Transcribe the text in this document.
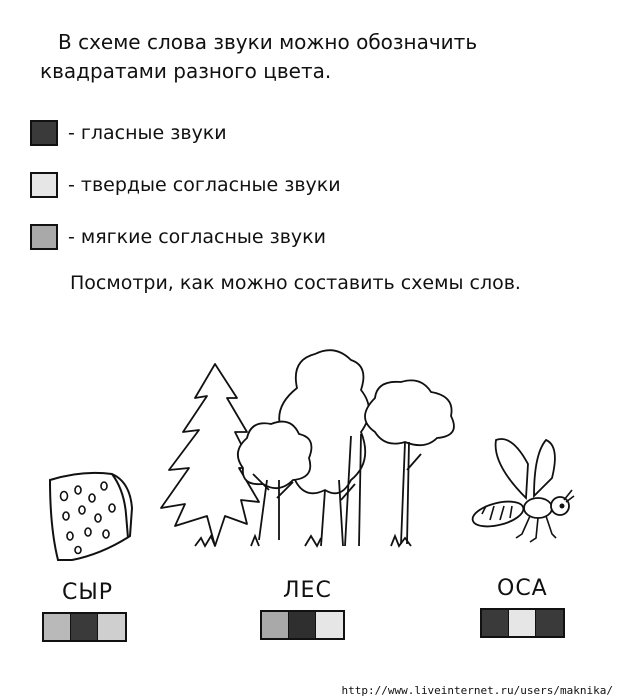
В схеме слова звуки можно обозначить квадратами разного цвета.

- гласные звуки
- твердые согласные звуки
- мягкие согласные звуки
Посмотри, как можно составить схемы слов.
СЫР	ЛЕС	ОСА
http://www.liveinternet.ru/users/maknika/
